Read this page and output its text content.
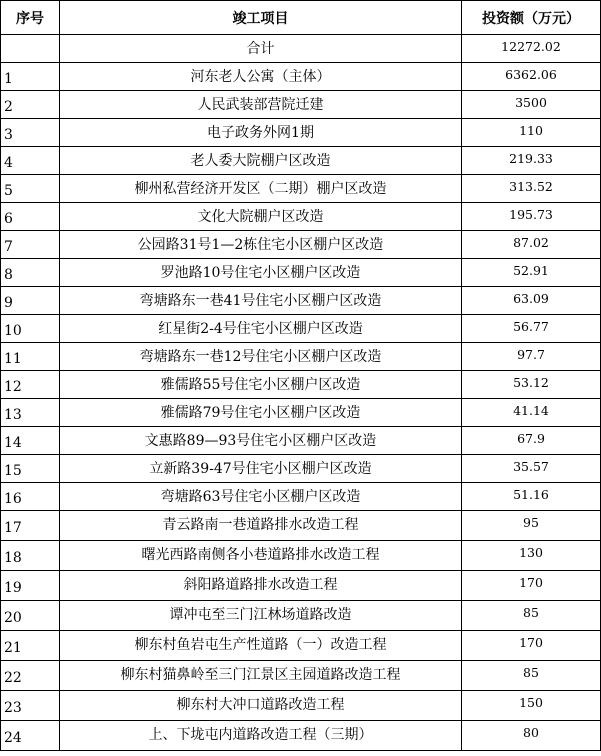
序号	竣工项目	投资额（万元）
	合计	12272.02
1	河东老人公寓（主体）	6362.06
2	人民武装部营院迁建	3500
3	电子政务外网1期	110
4	老人委大院棚户区改造	219.33
5	柳州私营经济开发区（二期）棚户区改造	313.52
6	文化大院棚户区改造	195.73
7	公园路31号1—2栋住宅小区棚户区改造	87.02
8	罗池路10号住宅小区棚户区改造	52.91
9	弯塘路东一巷41号住宅小区棚户区改造	63.09
10	红星街2-4号住宅小区棚户区改造	56.77
11	弯塘路东一巷12号住宅小区棚户区改造	97.7
12	雅儒路55号住宅小区棚户区改造	53.12
13	雅儒路79号住宅小区棚户区改造	41.14
14	文惠路89—93号住宅小区棚户区改造	67.9
15	立新路39-47号住宅小区棚户区改造	35.57
16	弯塘路63号住宅小区棚户区改造	51.16
17	青云路南一巷道路排水改造工程	95
18	曙光西路南侧各小巷道路排水改造工程	130
19	斜阳路道路排水改造工程	170
20	谭冲屯至三门江林场道路改造	85
21	柳东村鱼岩屯生产性道路（一）改造工程	170
22	柳东村猫鼻岭至三门江景区主园道路改造工程	85
23	柳东村大冲口道路改造工程	150
24	上、下垅屯内道路改造工程（三期）	80
